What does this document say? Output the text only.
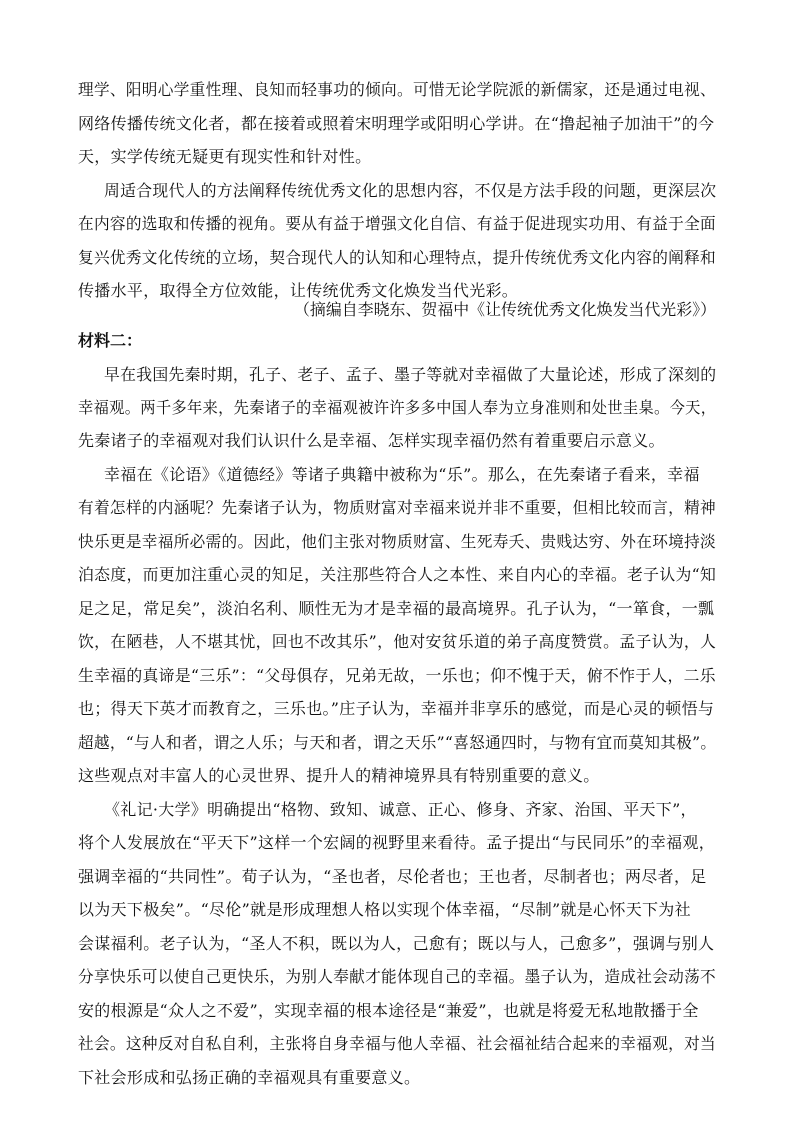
理学、阳明心学重性理、良知而轻事功的倾向。可惜无论学院派的新儒家，还是通过电视、
网络传播传统文化者，都在接着或照着宋明理学或阳明心学讲。在“撸起袖子加油干”的今
天，实学传统无疑更有现实性和针对性。
周适合现代人的方法阐释传统优秀文化的思想内容，不仅是方法手段的问题，更深层次
在内容的选取和传播的视角。要从有益于增强文化自信、有益于促进现实功用、有益于全面
复兴优秀文化传统的立场，契合现代人的认知和心理特点，提升传统优秀文化内容的阐释和
传播水平，取得全方位效能，让传统优秀文化焕发当代光彩。
（摘编自李晓东、贺福中《让传统优秀文化焕发当代光彩》）
材料二：
早在我国先秦时期，孔子、老子、孟子、墨子等就对幸福做了大量论述，形成了深刻的
幸福观。两千多年来，先秦诸子的幸福观被许许多多中国人奉为立身准则和处世圭臬。今天，
先秦诸子的幸福观对我们认识什么是幸福、怎样实现幸福仍然有着重要启示意义。
幸福在《论语》《道德经》等诸子典籍中被称为“乐”。那么，在先秦诸子看来，幸福
有着怎样的内涵呢？先秦诸子认为，物质财富对幸福来说并非不重要，但相比较而言，精神
快乐更是幸福所必需的。因此，他们主张对物质财富、生死寿夭、贵贱达穷、外在环境持淡
泊态度，而更加注重心灵的知足，关注那些符合人之本性、来自内心的幸福。老子认为“知
足之足，常足矣”，淡泊名利、顺性无为才是幸福的最高境界。孔子认为，“一箪食，一瓢
饮，在陋巷，人不堪其忧，回也不改其乐”，他对安贫乐道的弟子高度赞赏。孟子认为，人
生幸福的真谛是“三乐”：“父母俱存，兄弟无故，一乐也；仰不愧于天，俯不怍于人，二乐
也；得天下英才而教育之，三乐也。”庄子认为，幸福并非享乐的感觉，而是心灵的顿悟与
超越，“与人和者，谓之人乐；与天和者，谓之天乐”“喜怒通四时，与物有宜而莫知其极”。
这些观点对丰富人的心灵世界、提升人的精神境界具有特别重要的意义。
《礼记·大学》明确提出“格物、致知、诚意、正心、修身、齐家、治国、平天下”，
将个人发展放在“平天下”这样一个宏阔的视野里来看待。孟子提出“与民同乐”的幸福观，
强调幸福的“共同性”。荀子认为，“圣也者，尽伦者也；王也者，尽制者也；两尽者，足
以为天下极矣”。“尽伦”就是形成理想人格以实现个体幸福，“尽制”就是心怀天下为社
会谋福利。老子认为，“圣人不积，既以为人，己愈有；既以与人，己愈多”，强调与别人
分享快乐可以使自己更快乐，为别人奉献才能体现自己的幸福。墨子认为，造成社会动荡不
安的根源是“众人之不爱”，实现幸福的根本途径是“兼爱”，也就是将爱无私地散播于全
社会。这种反对自私自利，主张将自身幸福与他人幸福、社会福祉结合起来的幸福观，对当
下社会形成和弘扬正确的幸福观具有重要意义。
